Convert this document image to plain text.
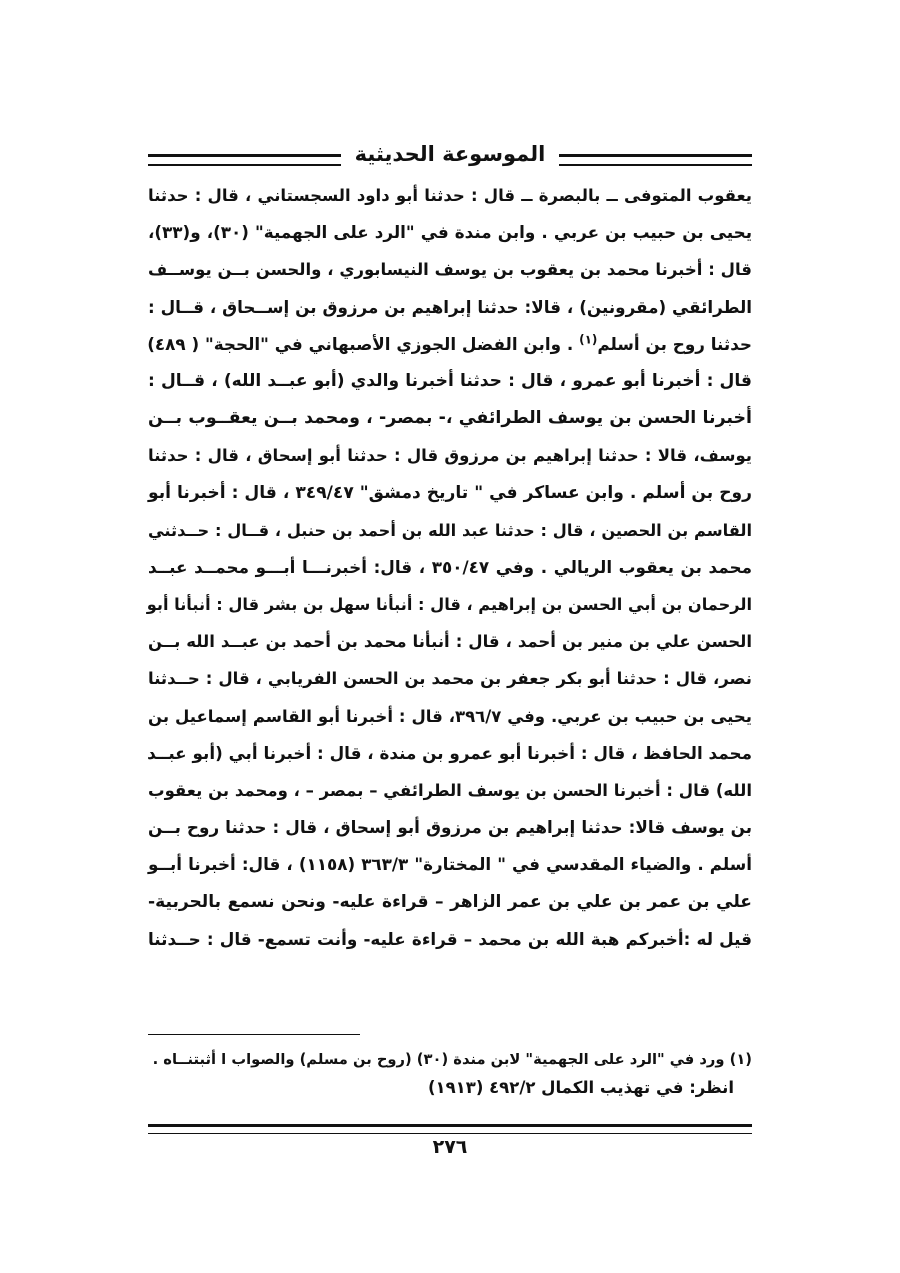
الموسوعة الحديثية
يعقوب المتوفى ــ بالبصرة ــ قال : حدثنا أبو داود السجستاني ، قال : حدثنا
يحيى بن حبيب بن عربي . وابن مندة في "الرد على الجهمية" (٣٠)، و(٣٣)،
قال : أخبرنا محمد بن يعقوب بن يوسف النيسابوري ، والحسن بــن يوســف
الطرائقي (مقرونين) ، قالا: حدثنا إبراهيم بن مرزوق بن إســحاق ، قــال :
حدثنا روح بن أسلم$^{(١)}$ . وابن الفضل الجوزي الأصبهاني في "الحجة" ( ٤٨٩)
قال : أخبرنا أبو عمرو ، قال : حدثنا أخبرنا والدي (أبو عبــد الله) ، قــال :
أخبرنا الحسن بن يوسف الطرائفي ،- بمصر- ، ومحمد بــن يعقــوب بــن
يوسف، قالا : حدثنا إبراهيم بن مرزوق قال : حدثنا أبو إسحاق ، قال : حدثنا
روح بن أسلم . وابن عساكر في " تاريخ دمشق" ٣٤٩/٤٧ ، قال : أخبرنا أبو
القاسم بن الحصين ، قال : حدثنا عبد الله بن أحمد بن حنبل ، قــال : حــدثني
محمد بن يعقوب الريالي . وفي ٣٥٠/٤٧ ، قال: أخبرنـــا أبـــو محمــد عبــد
الرحمان بن أبي الحسن بن إبراهيم ، قال : أنبأنا سهل بن بشر قال : أنبأنا أبو
الحسن علي بن منير بن أحمد ، قال : أنبأنا محمد بن أحمد بن عبــد الله بــن
نصر، قال : حدثنا أبو بكر جعفر بن محمد بن الحسن الفريابي ، قال : حــدثنا
يحيى بن حبيب بن عربي. وفي ٣٩٦/٧، قال : أخبرنا أبو القاسم إسماعيل بن
محمد الحافظ ، قال : أخبرنا أبو عمرو بن مندة ، قال : أخبرنا أبي (أبو عبــد
الله) قال : أخبرنا الحسن بن يوسف الطرائفي – بمصر – ، ومحمد بن يعقوب
بن يوسف قالا: حدثنا إبراهيم بن مرزوق أبو إسحاق ، قال : حدثنا روح بــن
أسلم . والضياء المقدسي في " المختارة" ٣٦٣/٣ (١١٥٨) ، قال: أخبرنا أبــو
علي بن عمر بن علي بن عمر الزاهر – قراءة عليه- ونحن نسمع بالحربية-
قيل له :أخبركم هبة الله بن محمد – قراءة عليه- وأنت تسمع- قال : حــدثنا
(١) ورد في "الرد على الجهمية" لابن مندة (٣٠) (روح بن مسلم) والصواب ا أثبتنــاه .
انظر: في تهذيب الكمال ٤٩٢/٢ (١٩١٣)
٢٧٦
